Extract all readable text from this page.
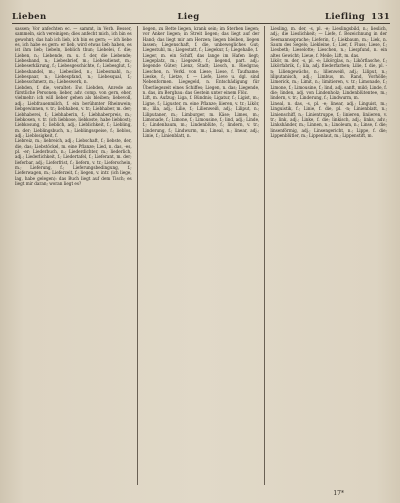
Lieben	Lieg	Liefling 131

sassen; Vor anfechten ec. — sammt, in Verb. Besser, sammeln, sich vereinigen; dies anfecht mich, ich bin es gewohnt; das hab ich lieb, ich bin es gern; — ich liebe es, ich habe es gern: er lieb, wird etwas lieb haben, es ist ihm lieb; liebeln, lieblich thun; Liebelei, f. die; Lieben, n.; Liebende, m. u. f. der, die Liebende; Liebesband, n.; Liebesbrief, m.; Liebesdienst, m.; Liebeserklärung, f.; Liebesgeschichte, f.; Liebesglut, f.; Liebeshandel, m.; Liebeslied, n.; Liebesmahl, n.; Liebespaar, n.; Liebespfand, n.; Liebesqual, f.; Liebesschmerz, m.; Liebeswerk, n.

Liebden, f. die, veraltet: Ew. Liebden, Anrede an fürstliche Personen; lieber, adv. comp. von gern, eher, vielmehr: ich will lieber gehen als bleiben; liebevoll, adj.; Liebfrauenmilch, f. ein berühmter Rheinwein; liebgewinnen, v. tr.; liebhaben, v. tr.; Liebhaber, m. der; Liebhaberei, f.; Liebhaberin, f.; Liebhaberpreis, m.; liebkosen, v. tr. (ich liebkose, liebkoste, habe liebkost); Liebkosung, f.; lieblich, adj.; Lieblichkeit, f.; Liebling, m. der; Lieblingsbuch, n.; Lieblingsspeise, f.; lieblos, adj.; Lieblosigkeit, f.

Liebreiz, m.; liebreich, adj.; Liebschaft, f.; liebste, der, die, das; Liebstöckel, m. eine Pflanze; Lied, n. das, -es, pl. -er; Liederbuch, n.; Liederdichter, m.; liederlich, adj.; Liederlichkeit, f.; Liedertafel, f.; Lieferant, m. der; lieferbar, adj.; Lieferfrist, f.; liefern, v. tr.; Lieferschein, m.; Lieferung, f.; Lieferungsbedingung, f.; Lieferwagen, m.; Lieferzeit, f.; liegen, v. intr. (ich liege, lag, habe gelegen): das Buch liegt auf dem Tisch; es liegt mir daran; woran liegt es?

liegen, zu Bette liegen, krank sein; im Sterben liegen; vor Anker liegen; in Streit liegen; das liegt auf der Hand; das liegt mir am Herzen; liegen bleiben, liegen lassen; Liegenschaft, f. die, unbewegliches Gut; Liegestuhl, m.; Liegestatt, f.; Liegekur, f.; Liegehalle, f.

Lieger, m. ein Schiff, das lange im Hafen liegt; Liegeplatz, m.; Liegezeit, f.; liegend, part. adj.: liegende Güter; Lienz, Stadt; Liesch, n. Riedgras; Lieschen, n. Verkl. von Liese; Liese, f. Taufname; Lieske, f.; Lietze, f. — Liefe, Lieve u. dgl. sind Nebenformen. Liegegeld, n. Entschädigung für Überliegezeit eines Schiffes; Liegen, n. das; Liegende, n. das, im Bergbau: das Gestein unter einem Flöz.

Lift, m. Aufzug; Liga, f. Bündnis; Ligatur, f.; Ligist, m.; Ligne, f.; Liguster, m. eine Pflanze; liieren, v. tr.; Likör, m.; lila, adj.; Lilie, f.; Lilienweiß, adj.; Liliput, n.; Liliputaner, m.; Limburger, m. Käse; Limes, m.; Limonade, f.; Limone, f.; Limousine, f.; lind, adj.; Linde, f.; Lindenbaum, m.; Lindenblüte, f.; lindern, v. tr.; Linderung, f.; Lindwurm, m.; Lineal, n.; linear, adj.; Linie, f.; Linienblatt, n.

Liesling, m. der, -s, pl. -e; Lieslingsbild, n.; lieslich, adj.; die Lieslichkeit; — Liefe, f. Bezeichnung in der Seemannssprache; Lieferin, f.; Liekbaum, m.; Liek, n. Saum des Segels; Liekleine, f.; Lier, f. Fluss; Liese, f.; Liesbeth; Lieselotte; Lieschen, n.; Liespfund, n. ein altes Gewicht; Lieue, f. Meile; Lift, m. das.

Likör, m. der, -s, pl. -e; Likörglas, n.; Likörflasche, f.; Likörfabrik, f.; lila, adj. fliederfarben; Lilie, f. die, pl. -n; Liliengewächs, n.; lilienweiß, adj.; Liliput, n.; liliputanisch, adj.; Limbus, m. Rand, Vorhölle; Limerick, m.; Limit, n.; limitieren, v. tr.; Limonade, f.; Limone, f.; Limousine, f.; lind, adj. sanft, mild; Linde, f. die; linden, adj. von Lindenholz; Lindenblütentee, m.; lindern, v. tr.; Linderung, f.; Lindwurm, m.

Lineal, n. das, -s, pl. -e; linear, adj.; Linguist, m.; Linguistik, f.; Linie, f. die, pl. -n; Linienblatt, n.; Linienschiff, n.; Linientruppe, f.; linieren, liniieren, v. tr.; link, adj.; Linke, f. die; linkisch, adj.; links, adv.; Linkshänder, m.; Linnen, n.; Linoleum, n.; Linse, f. die; linsenförmig, adj.; Linsengericht, n.; Lippe, f. die; Lippenblütler, m.; Lippenlaut, m.; Lippenstift, m.

17*
